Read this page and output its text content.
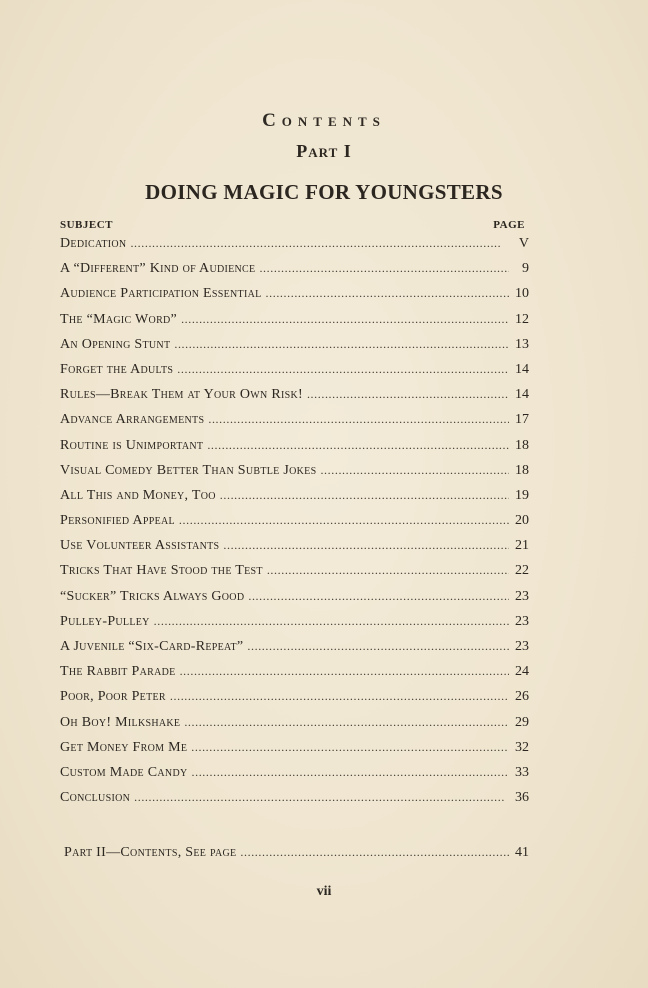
Contents
Part I
DOING MAGIC FOR YOUNGSTERS
SUBJECT	PAGE
Dedication . . .	V
A “Different” Kind of Audience . . .	9
Audience Participation Essential . . .	10
The “Magic Word” . . .	12
An Opening Stunt . . .	13
Forget the Adults . . .	14
Rules—Break Them at Your Own Risk! . . .	14
Advance Arrangements . . .	17
Routine is Unimportant . . .	18
Visual Comedy Better Than Subtle Jokes . . .	18
All This and Money, Too . . .	19
Personified Appeal . . .	20
Use Volunteer Assistants . . .	21
Tricks That Have Stood the Test . . .	22
“Sucker” Tricks Always Good . . .	23
Pulley-Pulley . . .	23
A Juvenile “Six-Card-Repeat” . . .	23
The Rabbit Parade . . .	24
Poor, Poor Peter . . .	26
Oh Boy! Milkshake . . .	29
Get Money From Me . . .	32
Custom Made Candy . . .	33
Conclusion . . .	36
Part II—Contents, See page . . .	41
vii
